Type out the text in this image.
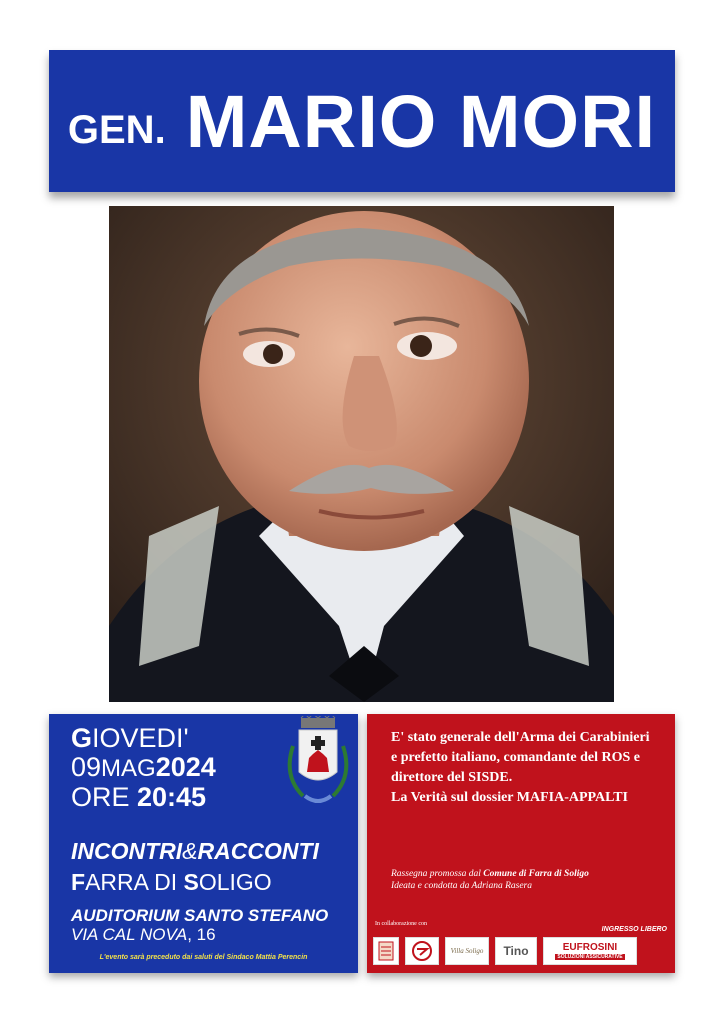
GEN. MARIO MORI
GIOVEDI'
09MAG2024
ORE 20:45
INCONTRI&RACCONTI
FARRA DI SOLIGO
AUDITORIUM SANTO STEFANO
VIA CAL NOVA, 16
L'evento sarà preceduto dai saluti del Sindaco Mattia Perencin

E' stato generale dell'Arma dei Carabinieri e prefetto italiano, comandante del ROS e direttore del SISDE.

La Verità sul dossier MAFIA-APPALTI

Rassegna promossa dal Comune di Farra di Soligo
Ideata e condotta da Adriana Rasera
In collaborazione con
INGRESSO LIBERO
Villa Soligo	Tino	EUFROSINI
SOLUZIONI ASSICURATIVE
